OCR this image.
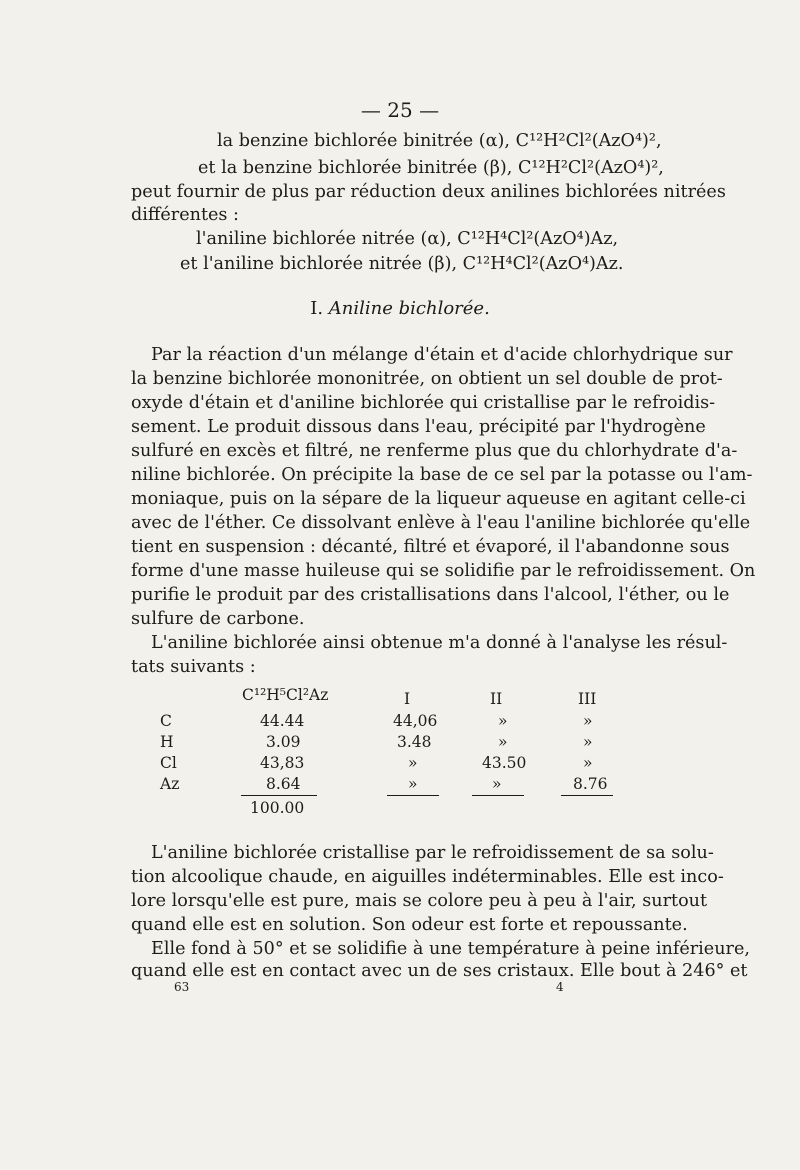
— 25 —
la benzine bichlorée binitrée (α), C¹²H²Cl²(AzO⁴)²,
et la benzine bichlorée binitrée (β), C¹²H²Cl²(AzO⁴)²,
peut fournir de plus par réduction deux anilines bichlorées nitrées
différentes :
l'aniline bichlorée nitrée (α), C¹²H⁴Cl²(AzO⁴)Az,
et l'aniline bichlorée nitrée (β), C¹²H⁴Cl²(AzO⁴)Az.
I. Aniline bichlorée.
Par la réaction d'un mélange d'étain et d'acide chlorhydrique sur
la benzine bichlorée mononitrée, on obtient un sel double de prot-
oxyde d'étain et d'aniline bichlorée qui cristallise par le refroidis-
sement. Le produit dissous dans l'eau, précipité par l'hydrogène
sulfuré en excès et filtré, ne renferme plus que du chlorhydrate d'a-
niline bichlorée. On précipite la base de ce sel par la potasse ou l'am-
moniaque, puis on la sépare de la liqueur aqueuse en agitant celle-ci
avec de l'éther. Ce dissolvant enlève à l'eau l'aniline bichlorée qu'elle
tient en suspension : décanté, filtré et évaporé, il l'abandonne sous
forme d'une masse huileuse qui se solidifie par le refroidissement. On
purifie le produit par des cristallisations dans l'alcool, l'éther, ou le
sulfure de carbone.
L'aniline bichlorée ainsi obtenue m'a donné à l'analyse les résul-
tats suivants :
C¹²H⁵Cl²Az	I	II	III
C	44.44	44,06	»	»
H	3.09	3.48	»	»
Cl	43,83	»	43.50	»
Az	8.64	»	»	8.76
100.00
L'aniline bichlorée cristallise par le refroidissement de sa solu-
tion alcoolique chaude, en aiguilles indéterminables. Elle est inco-
lore lorsqu'elle est pure, mais se colore peu à peu à l'air, surtout
quand elle est en solution. Son odeur est forte et repoussante.
Elle fond à 50° et se solidifie à une température à peine inférieure,
quand elle est en contact avec un de ses cristaux. Elle bout à 246° et
63	4
